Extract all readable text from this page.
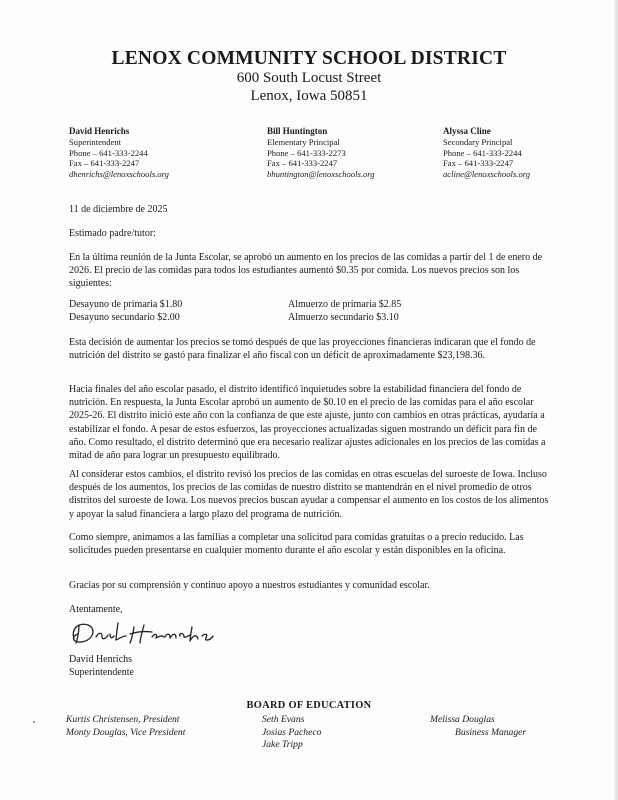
LENOX COMMUNITY SCHOOL DISTRICT
600 South Locust Street
Lenox, Iowa 50851
David Henrichs
Superintendent
Phone – 641-333-2244
Fax – 641-333-2247
dhenrichs@lenoxschools.org
Bill Huntington
Elementary Principal
Phone – 641-333-2273
Fax – 641-333-2247
bhuntington@lenoxschools.org
Alyssa Cline
Secondary Principal
Phone – 641-333-2244
Fax – 641-333-2247
acline@lenoxschools.org
11 de diciembre de 2025
Estimado padre/tutor:
En la última reunión de la Junta Escolar, se aprobó un aumento en los precios de las comidas a partir del 1 de enero de 2026. El precio de las comidas para todos los estudiantes aumentó $0.35 por comida. Los nuevos precios son los siguientes:
Desayuno de primaria $1.80
Desayuno secundario $2.00
Almuerzo de primaria $2.85
Almuerzo secundario $3.10
Esta decisión de aumentar los precios se tomó después de que las proyecciones financieras indicaran que el fondo de nutrición del distrito se gastó para finalizar el año fiscal con un déficit de aproximadamente $23,198.36.
Hacia finales del año escolar pasado, el distrito identificó inquietudes sobre la estabilidad financiera del fondo de nutrición. En respuesta, la Junta Escolar aprobó un aumento de $0.10 en el precio de las comidas para el año escolar 2025-26. El distrito inició este año con la confianza de que este ajuste, junto con cambios en otras prácticas, ayudaría a estabilizar el fondo. A pesar de estos esfuerzos, las proyecciones actualizadas siguen mostrando un déficit para fin de año. Como resultado, el distrito determinó que era necesario realizar ajustes adicionales en los precios de las comidas a mitad de año para lograr un presupuesto equilibrado.
Al considerar estos cambios, el distrito revisó los precios de las comidas en otras escuelas del suroeste de Iowa. Incluso después de los aumentos, los precios de las comidas de nuestro distrito se mantendrán en el nivel promedio de otros distritos del suroeste de Iowa. Los nuevos precios buscan ayudar a compensar el aumento en los costos de los alimentos y apoyar la salud financiera a largo plazo del programa de nutrición.
Como siempre, animamos a las familias a completar una solicitud para comidas gratuitas o a precio reducido. Las solicitudes pueden presentarse en cualquier momento durante el año escolar y están disponibles en la oficina.
Gracias por su comprensión y continuo apoyo a nuestros estudiantes y comunidad escolar.
Atentamente,
David Henrichs
Superintendente
BOARD OF EDUCATION
Kurtis Christensen, President
Monty Douglas, Vice President
Seth Evans
Josias Pacheco
Jake Tripp
Melissa Douglas
Business Manager
